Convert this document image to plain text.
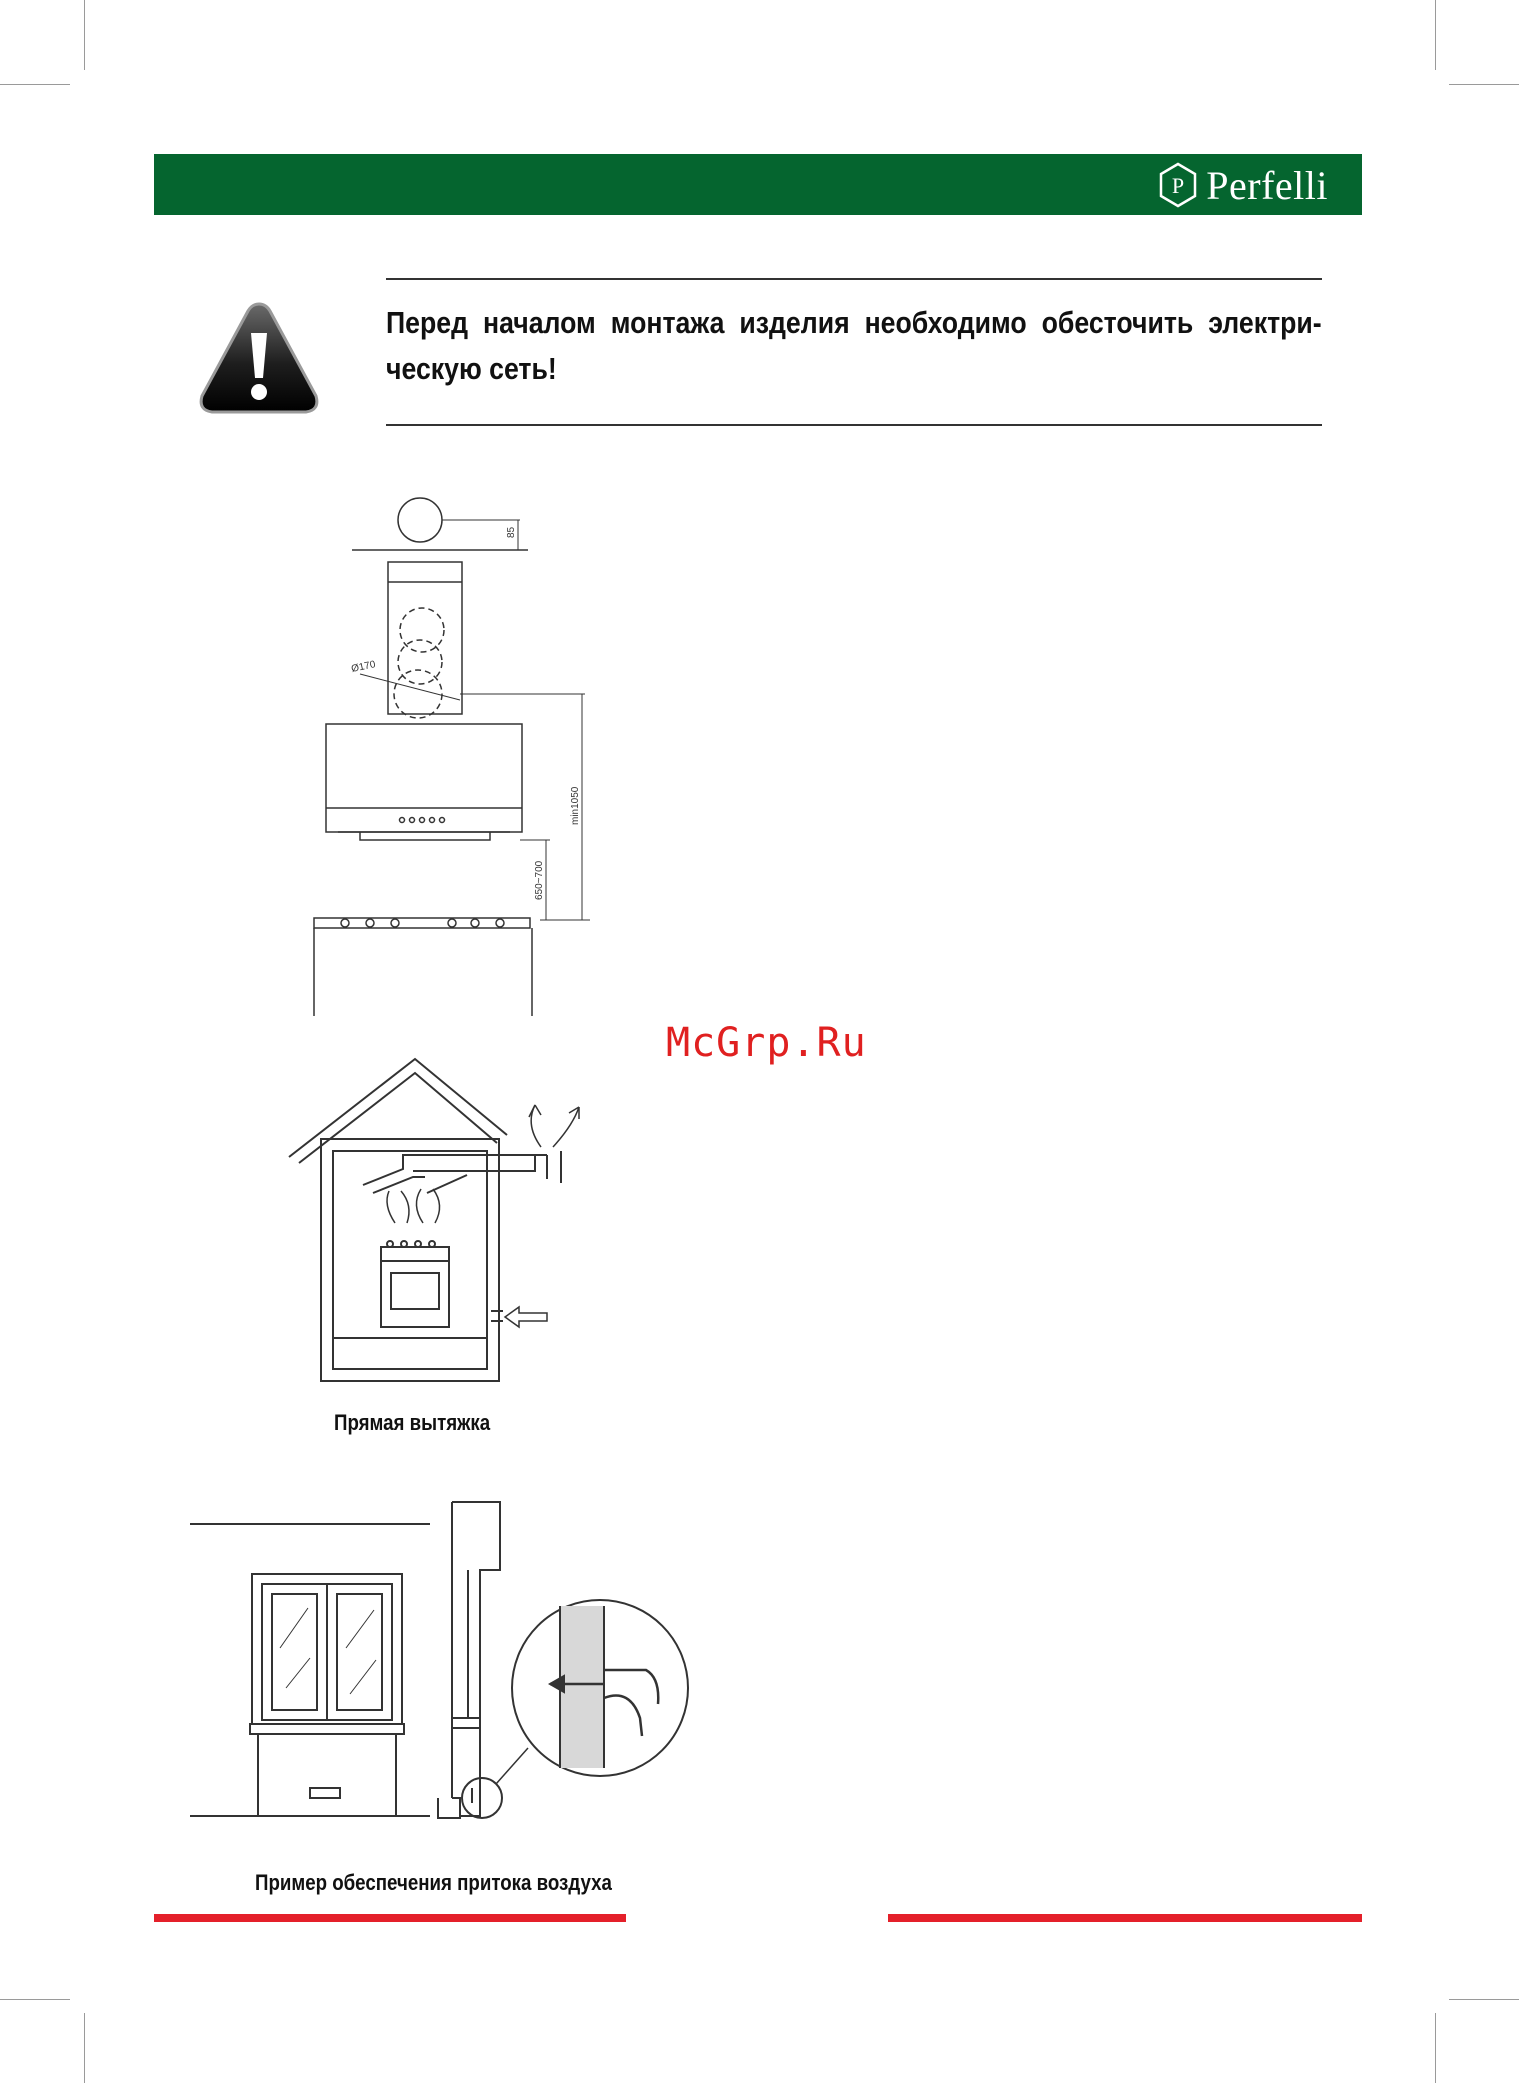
P Perfelli
Перед началом монтажа изделия необходимо обесточить электри-ческую сеть!
85
Ø170
min1050
650~700
McGrp.Ru
Прямая вытяжка
Пример обеспечения притока воздуха
